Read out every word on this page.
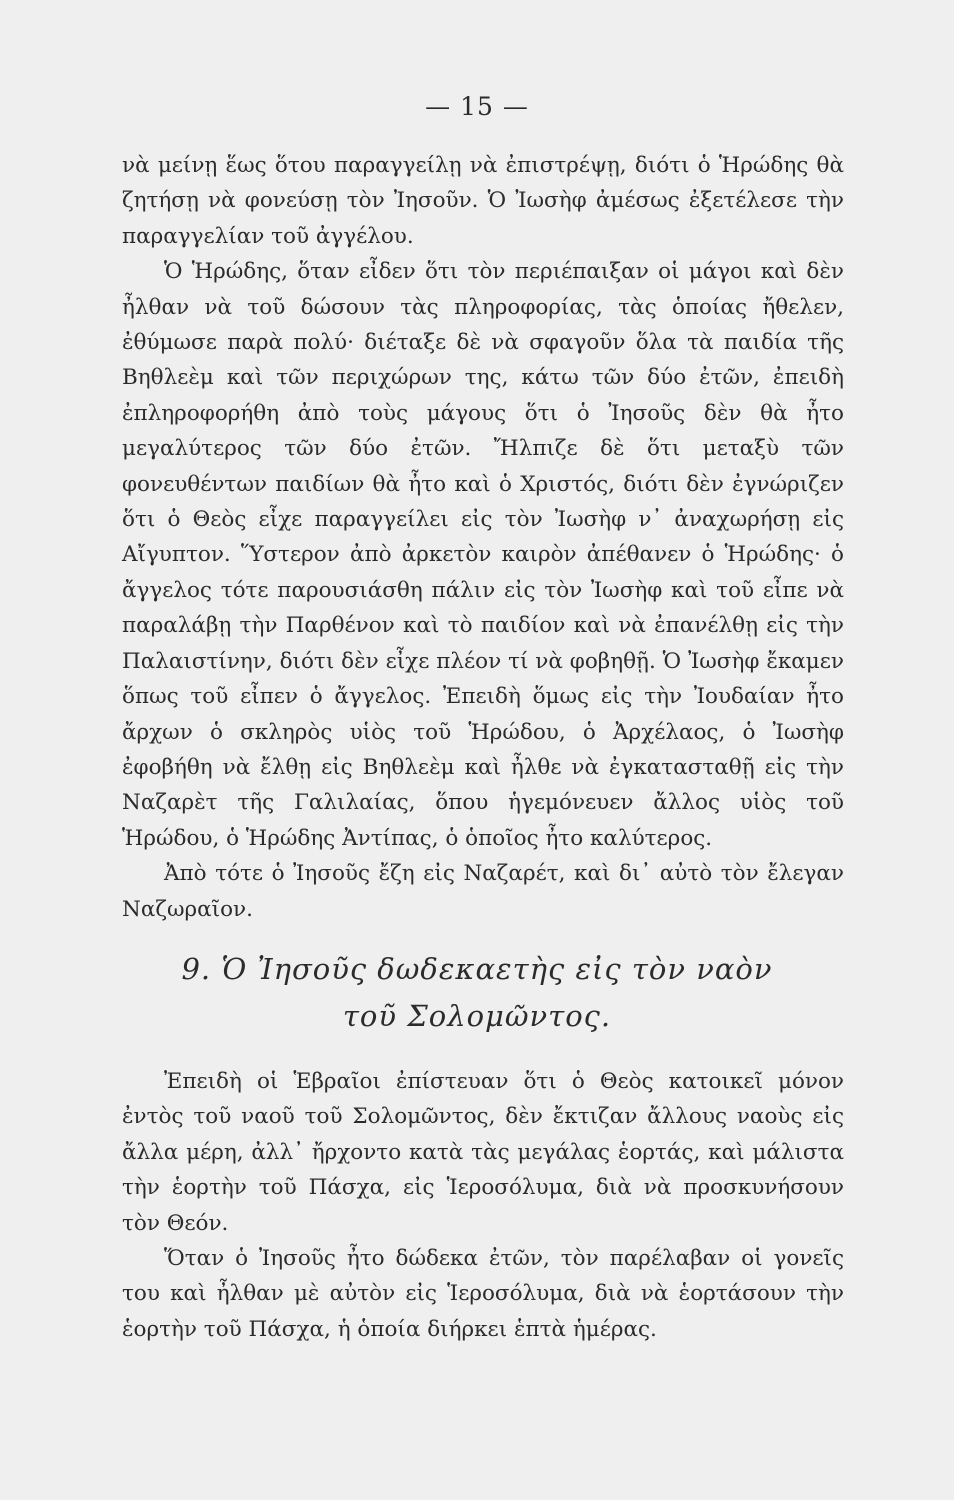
— 15 —

νὰ μείνῃ ἕως ὅτου παραγγείλῃ νὰ ἐπιστρέψῃ, διότι ὁ Ἡρώδης θὰ ζητήσῃ νὰ φονεύσῃ τὸν Ἰησοῦν. Ὁ Ἰωσὴφ ἀμέσως ἐξετέλεσε τὴν παραγγελίαν τοῦ ἀγγέλου.

Ὁ Ἡρώδης, ὅταν εἶδεν ὅτι τὸν περιέπαιξαν οἱ μάγοι καὶ δὲν ἦλθαν νὰ τοῦ δώσουν τὰς πληροφορίας, τὰς ὁποίας ἤθελεν, ἐθύμωσε παρὰ πολύ· διέταξε δὲ νὰ σφαγοῦν ὅλα τὰ παιδία τῆς Βηθλεὲμ καὶ τῶν περιχώρων της, κάτω τῶν δύο ἐτῶν, ἐπειδὴ ἐπληροφορήθη ἀπὸ τοὺς μάγους ὅτι ὁ Ἰησοῦς δὲν θὰ ἦτο μεγαλύτερος τῶν δύο ἐτῶν. Ἤλπιζε δὲ ὅτι μεταξὺ τῶν φονευθέντων παιδίων θὰ ἦτο καὶ ὁ Χριστός, διότι δὲν ἐγνώριζεν ὅτι ὁ Θεὸς εἶχε παραγγείλει εἰς τὸν Ἰωσὴφ ν᾽ ἀναχωρήσῃ εἰς Αἴγυπτον. Ὕστερον ἀπὸ ἀρκετὸν καιρὸν ἀπέθανεν ὁ Ἡρώδης· ὁ ἄγγελος τότε παρουσιάσθη πάλιν εἰς τὸν Ἰωσὴφ καὶ τοῦ εἶπε νὰ παραλάβῃ τὴν Παρθένον καὶ τὸ παιδίον καὶ νὰ ἐπανέλθῃ εἰς τὴν Παλαιστίνην, διότι δὲν εἶχε πλέον τί νὰ φοβηθῇ. Ὁ Ἰωσὴφ ἔκαμεν ὅπως τοῦ εἶπεν ὁ ἄγγελος. Ἐπειδὴ ὅμως εἰς τὴν Ἰουδαίαν ἦτο ἄρχων ὁ σκληρὸς υἱὸς τοῦ Ἡρώδου, ὁ Ἀρχέλαος, ὁ Ἰωσὴφ ἐφοβήθη νὰ ἔλθῃ εἰς Βηθλεὲμ καὶ ἦλθε νὰ ἐγκατασταθῇ εἰς τὴν Ναζαρὲτ τῆς Γαλιλαίας, ὅπου ἡγεμόνευεν ἄλλος υἱὸς τοῦ Ἡρώδου, ὁ Ἡρώδης Ἀντίπας, ὁ ὁποῖος ἦτο καλύτερος.

Ἀπὸ τότε ὁ Ἰησοῦς ἔζη εἰς Ναζαρέτ, καὶ δι᾽ αὐτὸ τὸν ἔλεγαν Ναζωραῖον.

9. Ὁ Ἰησοῦς δωδεκαετὴς εἰς τὸν ναὸν
τοῦ Σολομῶντος.

Ἐπειδὴ οἱ Ἑβραῖοι ἐπίστευαν ὅτι ὁ Θεὸς κατοικεῖ μόνον ἐντὸς τοῦ ναοῦ τοῦ Σολομῶντος, δὲν ἔκτιζαν ἄλλους ναοὺς εἰς ἄλλα μέρη, ἀλλ᾽ ἤρχοντο κατὰ τὰς μεγάλας ἑορτάς, καὶ μάλιστα τὴν ἑορτὴν τοῦ Πάσχα, εἰς Ἱεροσόλυμα, διὰ νὰ προσκυνήσουν τὸν Θεόν.

Ὅταν ὁ Ἰησοῦς ἦτο δώδεκα ἐτῶν, τὸν παρέλαβαν οἱ γονεῖς του καὶ ἦλθαν μὲ αὐτὸν εἰς Ἱεροσόλυμα, διὰ νὰ ἑορτάσουν τὴν ἑορτὴν τοῦ Πάσχα, ἡ ὁποία διήρκει ἑπτὰ ἡμέρας.
